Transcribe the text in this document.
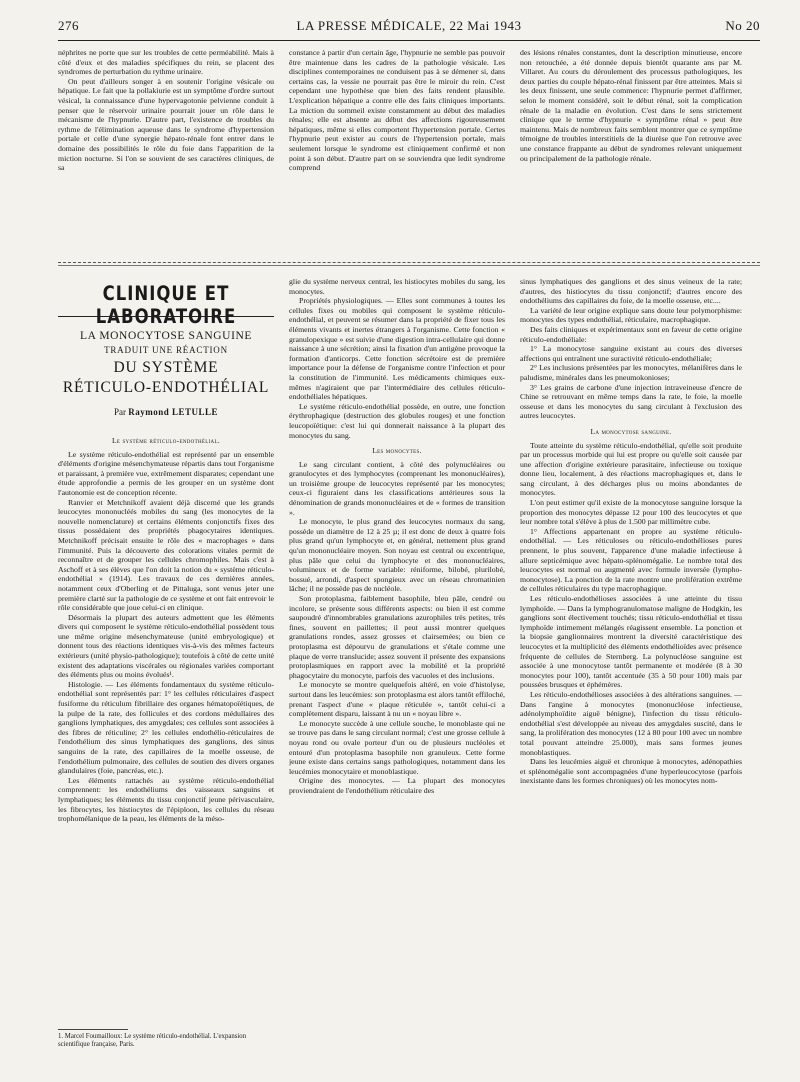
276	LA PRESSE MÉDICALE, 22 Mai 1943	No 20

néphrites ne porte que sur les troubles de cette perméabilité. Mais à côté d'eux et des maladies spécifiques du rein, se placent des syndromes de perturbation du rythme urinaire.

On peut d'ailleurs songer à en soutenir l'origine vésicale ou hépatique. Le fait que la pollakiurie est un symptôme d'ordre surtout vésical, la connaissance d'une hypervagotonie pelvienne conduit à penser que le réservoir urinaire pourrait jouer un rôle dans le mécanisme de l'hypnurie. D'autre part, l'existence de troubles du rythme de l'élimination aqueuse dans le syndrome d'hypertension portale et celle d'une synergie hépato-rénale font entrer dans le domaine des possibilités le rôle du foie dans l'apparition de la miction nocturne. Si l'on se souvient de ses caractères cliniques, de sa

constance à partir d'un certain âge, l'hypnurie ne semble pas pouvoir être maintenue dans les cadres de la pathologie vésicale. Les disciplines contemporaines ne conduisent pas à se démener si, dans certains cas, la vessie ne pourrait pas être le miroir du rein. C'est cependant une hypothèse que bien des faits rendent plausible. L'explication hépatique a contre elle des faits cliniques importants. La miction du sommeil existe constamment au début des maladies rénales; elle est absente au début des affections rigoureusement hépatiques, même si elles comportent l'hypertension portale. Certes l'hypnurie peut exister au cours de l'hypertension portale, mais seulement lorsque le syndrome est cliniquement confirmé et non point à son début. D'autre part on se souviendra que ledit syndrome comprend

des lésions rénales constantes, dont la description minutieuse, encore non retouchée, a été donnée depuis bientôt quarante ans par M. Villaret. Au cours du déroulement des processus pathologiques, les deux parties du couple hépato-rénal finissent par être atteintes. Mais si les deux finissent, une seule commence: l'hypnurie permet d'affirmer, selon le moment considéré, soit le début rénal, soit la complication rénale de la maladie en évolution. C'est dans le sens strictement clinique que le terme d'hypnurie « symptôme rénal » peut être maintenu. Mais de nombreux faits semblent montrer que ce symptôme témoigne de troubles interstitiels de la diurèse que l'on retrouve avec une constance frappante au début de syndromes relevant uniquement ou principalement de la pathologie rénale.

CLINIQUE ET LABORATOIRE
LA MONOCYTOSE SANGUINE
TRADUIT UNE RÉACTION
DU SYSTÈME
RÉTICULO-ENDOTHÉLIAL
Par Raymond LETULLE

Le système réticulo-endothélial.

Le système réticulo-endothélial est représenté par un ensemble d'éléments d'origine mésenchymateuse répartis dans tout l'organisme et paraissant, à première vue, extrêmement disparates; cependant une étude approfondie a permis de les grouper en un système dont l'autonomie est de conception récente.

Ranvier et Metchnikoff avaient déjà discerné que les grands leucocytes mononucléés mobiles du sang (les monocytes de la nouvelle nomenclature) et certains éléments conjonctifs fixes des tissus possédaient des propriétés phagocytaires identiques. Metchnikoff précisait ensuite le rôle des « macrophages » dans l'immunité. Puis la découverte des colorations vitales permit de reconnaître et de grouper les cellules chromophiles. Mais c'est à Aschoff et à ses élèves que l'on doit la notion du « système réticulo-endothélial » (1914). Les travaux de ces dernières années, notamment ceux d'Oberling et de Pittaluga, sont venus jeter une première clarté sur la pathologie de ce système et ont fait entrevoir le rôle considérable que joue celui-ci en clinique.

Désormais la plupart des auteurs admettent que les éléments divers qui composent le système réticulo-endothélial possèdent tous une même origine mésenchymateuse (unité embryologique) et donnent tous des réactions identiques vis-à-vis des mêmes facteurs extérieurs (unité physio-pathologique); toutefois à côté de cette unité existent des adaptations viscérales ou régionales variées comportant des éléments plus ou moins évolués¹.

Histologie. — Les éléments fondamentaux du système réticulo-endothélial sont représentés par: 1° les cellules réticulaires d'aspect fusiforme du réticulum fibrillaire des organes hématopoïétiques, de la pulpe de la rate, des follicules et des cordons médullaires des ganglions lymphatiques, des amygdales; ces cellules sont associées à des fibres de réticuline; 2° les cellules endothélio-réticulaires de l'endothélium des sinus lymphatiques des ganglions, des sinus sanguins de la rate, des capillaires de la moelle osseuse, de l'endothélium pulmonaire, des cellules de soutien des divers organes glandulaires (foie, pancréas, etc.).

Les éléments rattachés au système réticulo-endothélial comprennent: les endothéliums des vaisseaux sanguins et lymphatiques; les éléments du tissu conjonctif jeune périvasculaire, les fibrocytes, les histiocytes de l'épiploon, les cellules du réseau trophomélanique de la peau, les éléments de la méso-

1. Marcel Foumailloux: Le système réticulo-endothélial. L'expansion scientifique française, Paris.

glie du système nerveux central, les histiocytes mobiles du sang, les monocytes.

Propriétés physiologiques. — Elles sont communes à toutes les cellules fixes ou mobiles qui composent le système réticulo-endothélial, et peuvent se résumer dans la propriété de fixer tous les éléments vivants et inertes étrangers à l'organisme. Cette fonction « granulopexique » est suivie d'une digestion intra-cellulaire qui donne naissance à une sécrétion; ainsi la fixation d'un antigène provoque la formation d'anticorps. Cette fonction sécrétoire est de première importance pour la défense de l'organisme contre l'infection et pour la constitution de l'immunité. Les médicaments chimiques eux-mêmes n'agiraient que par l'intermédiaire des cellules réticulo-endothéliales hépatiques.

Le système réticulo-endothélial possède, en outre, une fonction érythrophagique (destruction des globules rouges) et une fonction leucopoïétique: c'est lui qui donnerait naissance à la plupart des monocytes du sang.

Les monocytes.

Le sang circulant contient, à côté des polynucléaires ou granulocytes et des lymphocytes (comprenant les mononucléaires), un troisième groupe de leucocytes représenté par les monocytes; ceux-ci figuraient dans les classifications antérieures sous la dénomination de grands mononucléaires et de « formes de transition ».

Le monocyte, le plus grand des leucocytes normaux du sang, possède un diamètre de 12 à 25 µ; il est donc de deux à quatre fois plus grand qu'un lymphocyte et, en général, nettement plus grand qu'un mononucléaire moyen. Son noyau est central ou excentrique, plus pâle que celui du lymphocyte et des mononucléaires, volumineux et de forme variable: réniforme, bilobé, plurilobé, bossué, arrondi, d'aspect spongieux avec un réseau chromatinien lâche; il ne possède pas de nucléole.

Son protoplasma, faiblement basophile, bleu pâle, cendré ou incolore, se présente sous différents aspects: ou bien il est comme saupoudré d'innombrables granulations azurophiles très petites, très fines, souvent en paillettes; il peut aussi montrer quelques granulations rondes, assez grosses et clairsemées; ou bien ce protoplasma est dépourvu de granulations et s'étale comme une plaque de verre translucide; assez souvent il présente des expansions protoplasmiques en rapport avec la mobilité et la propriété phagocytaire du monocyte, parfois des vacuoles et des inclusions.

Le monocyte se montre quelquefois altéré, en voie d'histolyse, surtout dans les leucémies: son protoplasma est alors tantôt effiloché, prenant l'aspect d'une « plaque réticulée », tantôt celui-ci a complètement disparu, laissant à nu un « noyau libre ».

Le monocyte succède à une cellule souche, le monoblaste qui ne se trouve pas dans le sang circulant normal; c'est une grosse cellule à noyau rond ou ovale porteur d'un ou de plusieurs nucléoles et entouré d'un protoplasma basophile non granuleux. Cette forme jeune existe dans certains sangs pathologiques, notamment dans les leucémies monocytaire et monoblastique.

Origine des monocytes. — La plupart des monocytes proviendraient de l'endothélium réticulaire des

sinus lymphatiques des ganglions et des sinus veineux de la rate; d'autres, des histiocytes du tissu conjonctif; d'autres encore des endothéliums des capillaires du foie, de la moelle osseuse, etc....

La variété de leur origine explique sans doute leur polymorphisme: monocytes des types endothélial, réticulaire, macrophagique.

Des faits cliniques et expérimentaux sont en faveur de cette origine réticulo-endothéliale:

1° La monocytose sanguine existant au cours des diverses affections qui entraînent une suractivité réticulo-endothéliale;

2° Les inclusions présentées par les monocytes, mélanifères dans le paludisme, minérales dans les pneumokonioses;

3° Les grains de carbone d'une injection intraveineuse d'encre de Chine se retrouvant en même temps dans la rate, le foie, la moelle osseuse et dans les monocytes du sang circulant à l'exclusion des autres leucocytes.

La monocytose sanguine.

Toute atteinte du système réticulo-endothélial, qu'elle soit produite par un processus morbide qui lui est propre ou qu'elle soit causée par une affection d'origine extérieure parasitaire, infectieuse ou toxique donne lieu, localement, à des réactions macrophagiques et, dans le sang circulant, à des décharges plus ou moins abondantes de monocytes.

L'on peut estimer qu'il existe de la monocytose sanguine lorsque la proportion des monocytes dépasse 12 pour 100 des leucocytes et que leur nombre total s'élève à plus de 1.500 par millimètre cube.

1° Affections appartenant en propre au système réticulo-endothélial. — Les réticuloses ou réticulo-endothélioses pures prennent, le plus souvent, l'apparence d'une maladie infectieuse à allure septicémique avec hépato-splénomégalie. Le nombre total des leucocytes est normal ou augmenté avec formule inversée (lympho-monocytose). La ponction de la rate montre une prolifération extrême de cellules réticulaires du type macrophagique.

Les réticulo-endothélioses associées à une atteinte du tissu lymphoïde. — Dans la lymphogranulomatose maligne de Hodgkin, les ganglions sont électivement touchés; tissu réticulo-endothélial et tissu lymphoïde intimement mélangés réagissent ensemble. La ponction et la biopsie ganglionnaires montrent la diversité caractéristique des leucocytes et la multiplicité des éléments endothélioïdes avec présence fréquente de cellules de Sternberg. La polynucléose sanguine est associée à une monocytose tantôt permanente et modérée (8 à 30 monocytes pour 100), tantôt accentuée (35 à 50 pour 100) mais par poussées brusques et éphémères.

Les réticulo-endothélioses associées à des altérations sanguines. — Dans l'angine à monocytes (mononucléose infectieuse, adénolymphoïdite aiguë bénigne), l'infection du tissu réticulo-endothélial s'est développée au niveau des amygdales suscité, dans le sang, la prolifération des monocytes (12 à 80 pour 100 avec un nombre total pouvant atteindre 25.000), mais sans formes jeunes monoblastiques.

Dans les leucémies aiguë et chronique à monocytes, adénopathies et splénomégalie sont accompagnées d'une hyperleucocytose (parfois inexistante dans les formes chroniques) où les monocytes nom-
